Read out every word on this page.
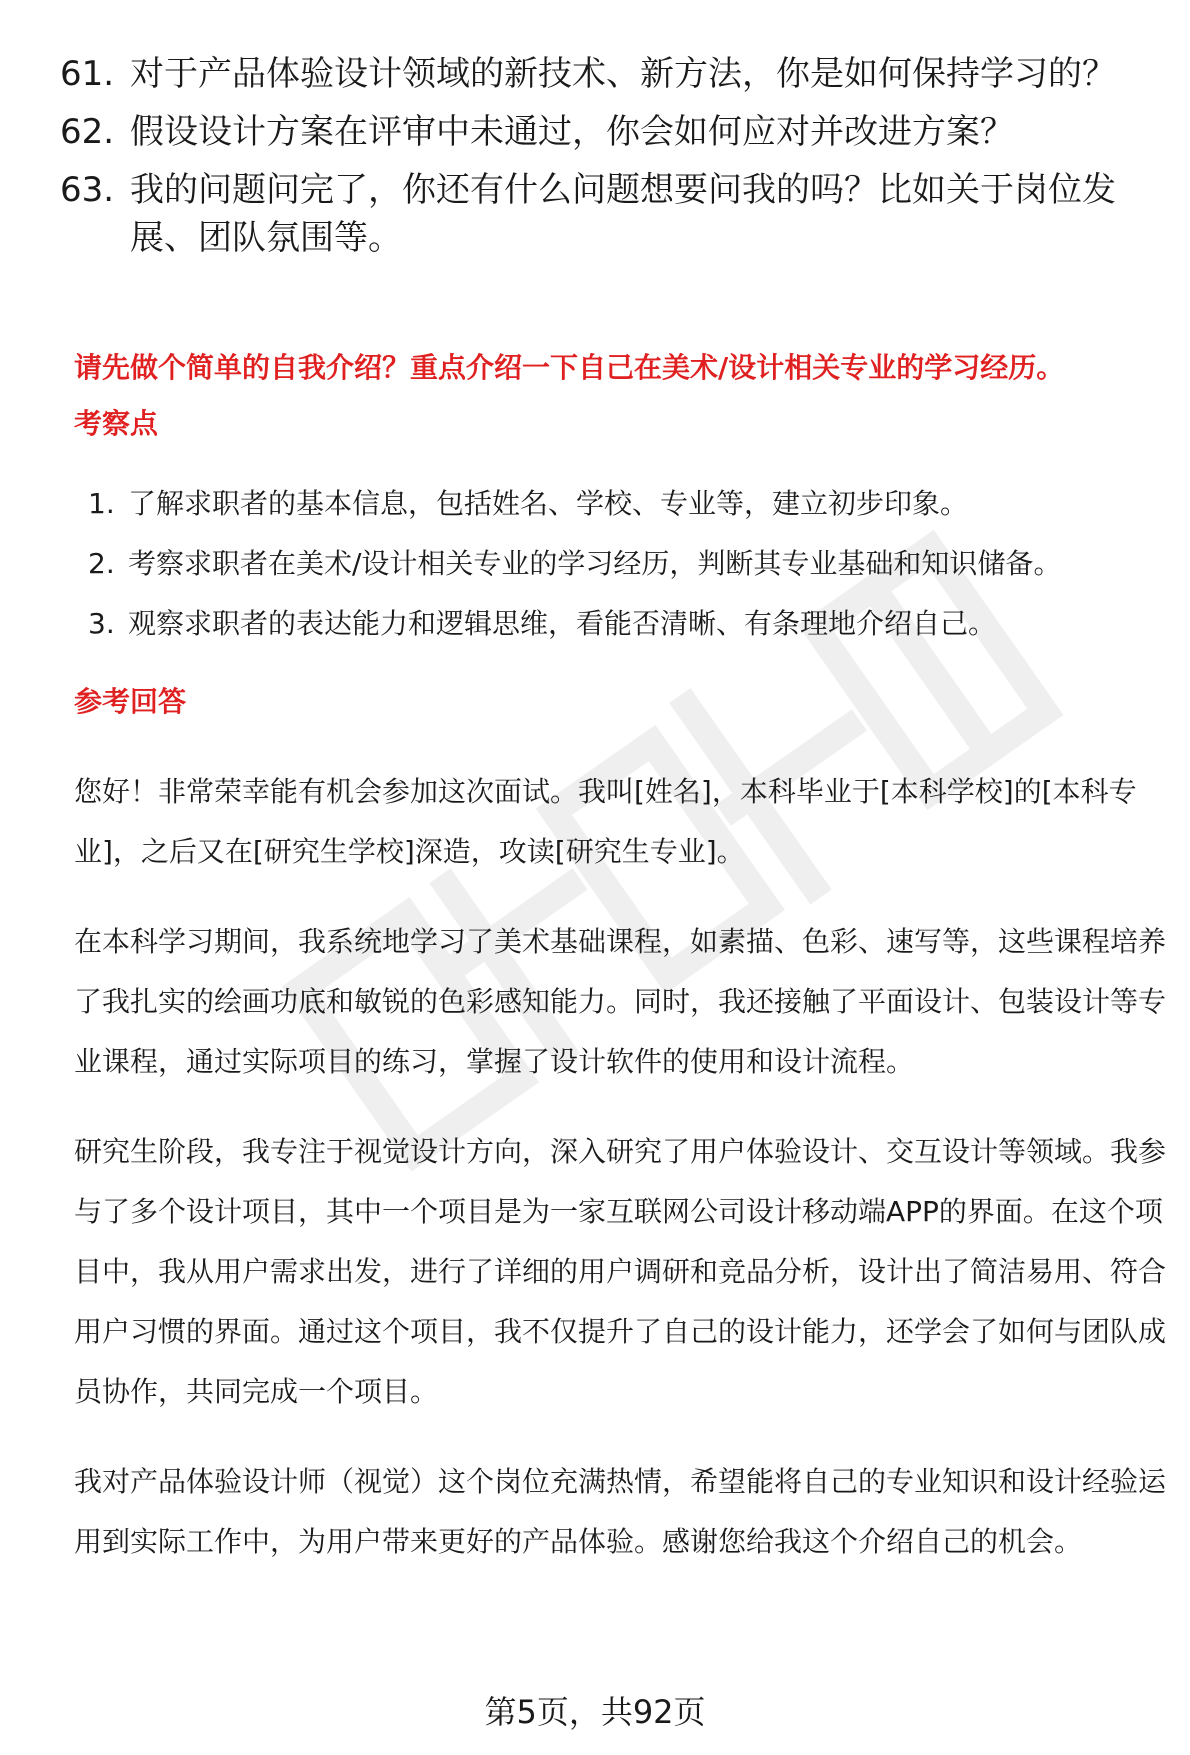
61. 对于产品体验设计领域的新技术、新方法，你是如何保持学习的？
62. 假设设计方案在评审中未通过，你会如何应对并改进方案？
63. 我的问题问完了，你还有什么问题想要问我的吗？比如关于岗位发展、团队氛围等。
请先做个简单的自我介绍？重点介绍一下自己在美术/设计相关专业的学习经历。
考察点
1. 了解求职者的基本信息，包括姓名、学校、专业等，建立初步印象。
2. 考察求职者在美术/设计相关专业的学习经历，判断其专业基础和知识储备。
3. 观察求职者的表达能力和逻辑思维，看能否清晰、有条理地介绍自己。
参考回答

您好！非常荣幸能有机会参加这次面试。我叫[姓名]，本科毕业于[本科学校]的[本科专业]，之后又在[研究生学校]深造，攻读[研究生专业]。

在本科学习期间，我系统地学习了美术基础课程，如素描、色彩、速写等，这些课程培养了我扎实的绘画功底和敏锐的色彩感知能力。同时，我还接触了平面设计、包装设计等专业课程，通过实际项目的练习，掌握了设计软件的使用和设计流程。

研究生阶段，我专注于视觉设计方向，深入研究了用户体验设计、交互设计等领域。我参与了多个设计项目，其中一个项目是为一家互联网公司设计移动端APP的界面。在这个项目中，我从用户需求出发，进行了详细的用户调研和竞品分析，设计出了简洁易用、符合用户习惯的界面。通过这个项目，我不仅提升了自己的设计能力，还学会了如何与团队成员协作，共同完成一个项目。

我对产品体验设计师（视觉）这个岗位充满热情，希望能将自己的专业知识和设计经验运用到实际工作中，为用户带来更好的产品体验。感谢您给我这个介绍自己的机会。

第5页，共92页
